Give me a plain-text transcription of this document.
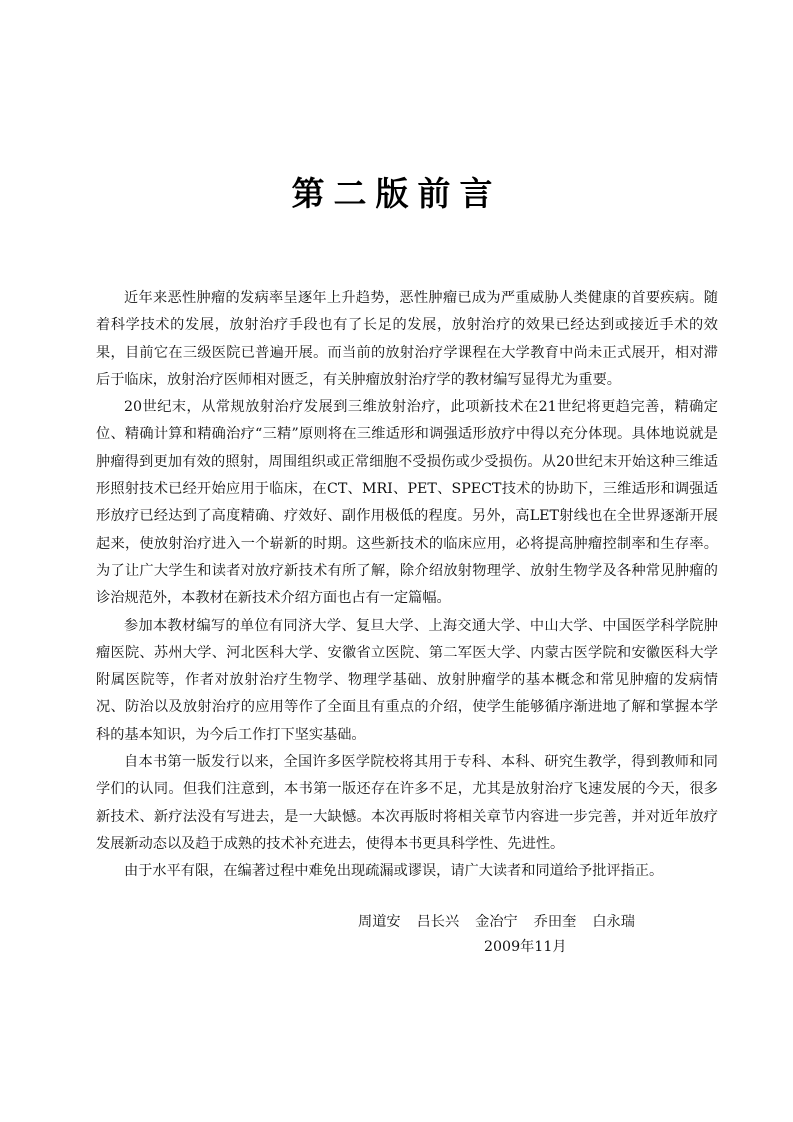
第二版前言

近年来恶性肿瘤的发病率呈逐年上升趋势，恶性肿瘤已成为严重威胁人类健康的首要疾病。随着科学技术的发展，放射治疗手段也有了长足的发展，放射治疗的效果已经达到或接近手术的效果，目前它在三级医院已普遍开展。而当前的放射治疗学课程在大学教育中尚未正式展开，相对滞后于临床，放射治疗医师相对匮乏，有关肿瘤放射治疗学的教材编写显得尤为重要。

20世纪末，从常规放射治疗发展到三维放射治疗，此项新技术在21世纪将更趋完善，精确定位、精确计算和精确治疗“三精”原则将在三维适形和调强适形放疗中得以充分体现。具体地说就是肿瘤得到更加有效的照射，周围组织或正常细胞不受损伤或少受损伤。从20世纪末开始这种三维适形照射技术已经开始应用于临床，在CT、MRI、PET、SPECT技术的协助下，三维适形和调强适形放疗已经达到了高度精确、疗效好、副作用极低的程度。另外，高LET射线也在全世界逐渐开展起来，使放射治疗进入一个崭新的时期。这些新技术的临床应用，必将提高肿瘤控制率和生存率。为了让广大学生和读者对放疗新技术有所了解，除介绍放射物理学、放射生物学及各种常见肿瘤的诊治规范外，本教材在新技术介绍方面也占有一定篇幅。

参加本教材编写的单位有同济大学、复旦大学、上海交通大学、中山大学、中国医学科学院肿瘤医院、苏州大学、河北医科大学、安徽省立医院、第二军医大学、内蒙古医学院和安徽医科大学附属医院等，作者对放射治疗生物学、物理学基础、放射肿瘤学的基本概念和常见肿瘤的发病情况、防治以及放射治疗的应用等作了全面且有重点的介绍，使学生能够循序渐进地了解和掌握本学科的基本知识，为今后工作打下坚实基础。

自本书第一版发行以来，全国许多医学院校将其用于专科、本科、研究生教学，得到教师和同学们的认同。但我们注意到，本书第一版还存在许多不足，尤其是放射治疗飞速发展的今天，很多新技术、新疗法没有写进去，是一大缺憾。本次再版时将相关章节内容进一步完善，并对近年放疗发展新动态以及趋于成熟的技术补充进去，使得本书更具科学性、先进性。

由于水平有限，在编著过程中难免出现疏漏或谬误，请广大读者和同道给予批评指正。

周道安 吕长兴 金冶宁 乔田奎 白永瑞
2009年11月
